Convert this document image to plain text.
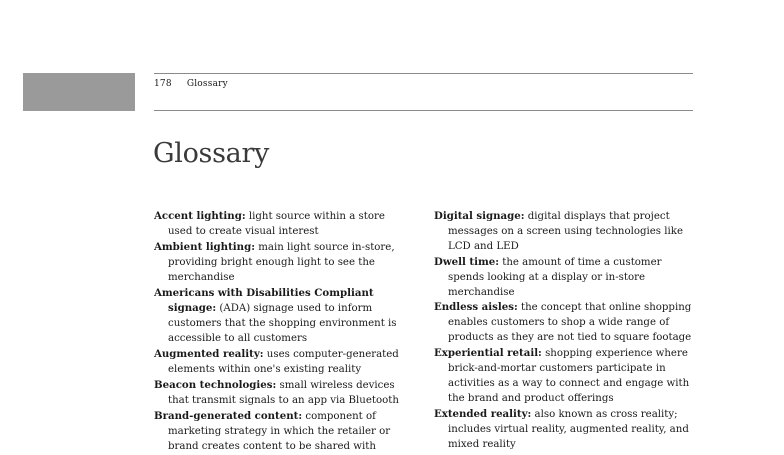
178 Glossary
Glossary

Accent lighting: light source within a store used to create visual interest

Ambient lighting: main light source in-store, providing bright enough light to see the merchandise

Americans with Disabilities Compliant signage: (ADA) signage used to inform customers that the shopping environment is accessible to all customers

Augmented reality: uses computer-generated elements within one's existing reality

Beacon technologies: small wireless devices that transmit signals to an app via Bluetooth

Brand-generated content: component of marketing strategy in which the retailer or brand creates content to be shared with

Digital signage: digital displays that project messages on a screen using technologies like LCD and LED

Dwell time: the amount of time a customer spends looking at a display or in-store merchandise

Endless aisles: the concept that online shopping enables customers to shop a wide range of products as they are not tied to square footage

Experiential retail: shopping experience where brick-and-mortar customers participate in activities as a way to connect and engage with the brand and product offerings

Extended reality: also known as cross reality; includes virtual reality, augmented reality, and mixed reality
